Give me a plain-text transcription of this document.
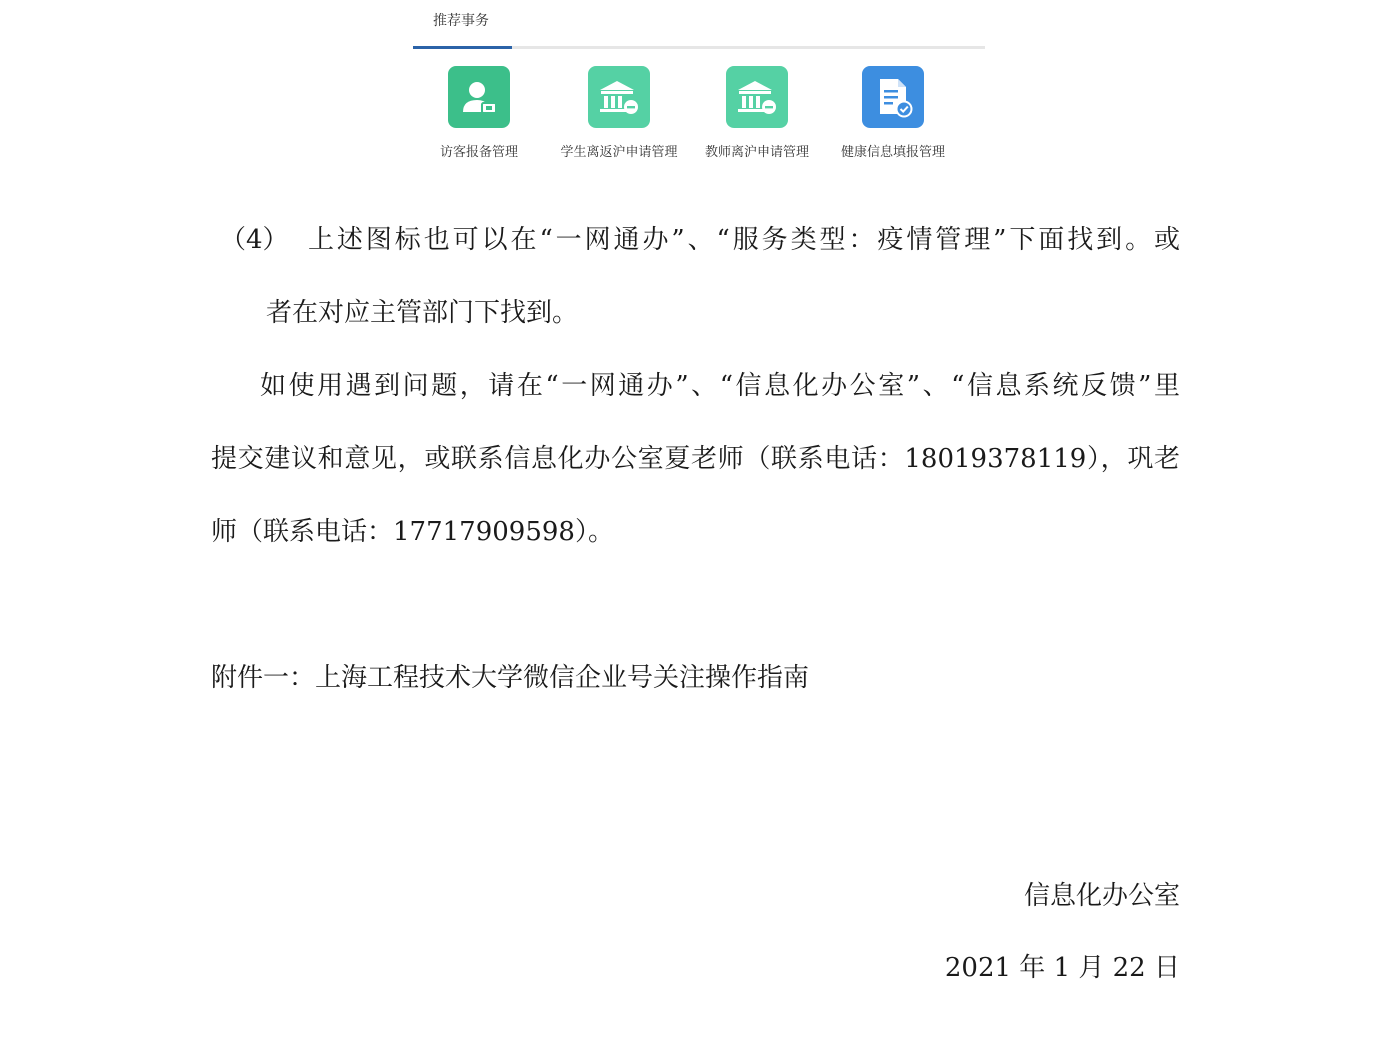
推荐事务
访客报备管理	学生离返沪申请管理	教师离沪申请管理	健康信息填报管理
（4） 上述图标也可以在“一网通办”、“服务类型：疫情管理”下面找到。或
者在对应主管部门下找到。
如使用遇到问题，请在“一网通办”、“信息化办公室”、“信息系统反馈”里
提交建议和意见，或联系信息化办公室夏老师（联系电话：18019378119），巩老
师（联系电话：17717909598）。
附件一：上海工程技术大学微信企业号关注操作指南
信息化办公室
2021 年 1 月 22 日
